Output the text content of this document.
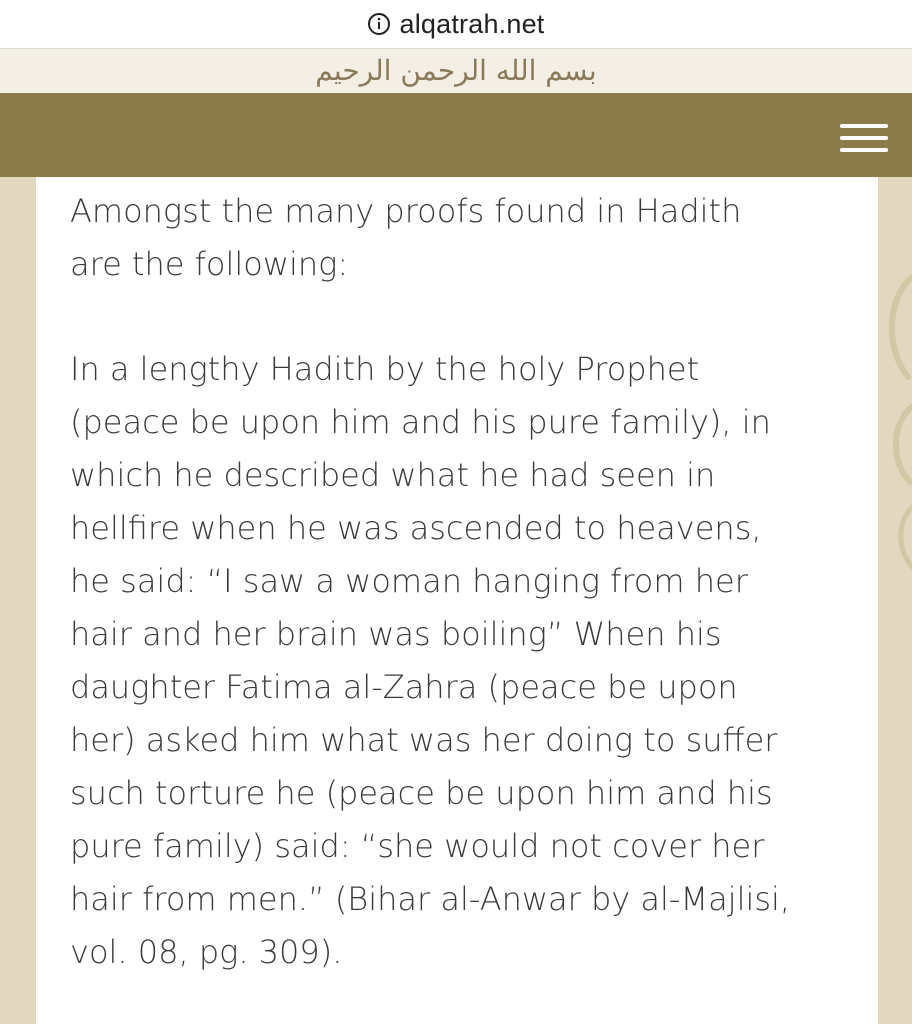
alqatrah.net
بسم الله الرحمن الرحيم

Amongst the many proofs found in Hadith
are the following:

In a lengthy Hadith by the holy Prophet
(peace be upon him and his pure family), in
which he described what he had seen in
hellfire when he was ascended to heavens,
he said: “I saw a woman hanging from her
hair and her brain was boiling” When his
daughter Fatima al-Zahra (peace be upon
her) asked him what was her doing to suffer
such torture he (peace be upon him and his
pure family) said: “she would not cover her
hair from men.” (Bihar al-Anwar by al-Majlisi,
vol. 08, pg. 309).
